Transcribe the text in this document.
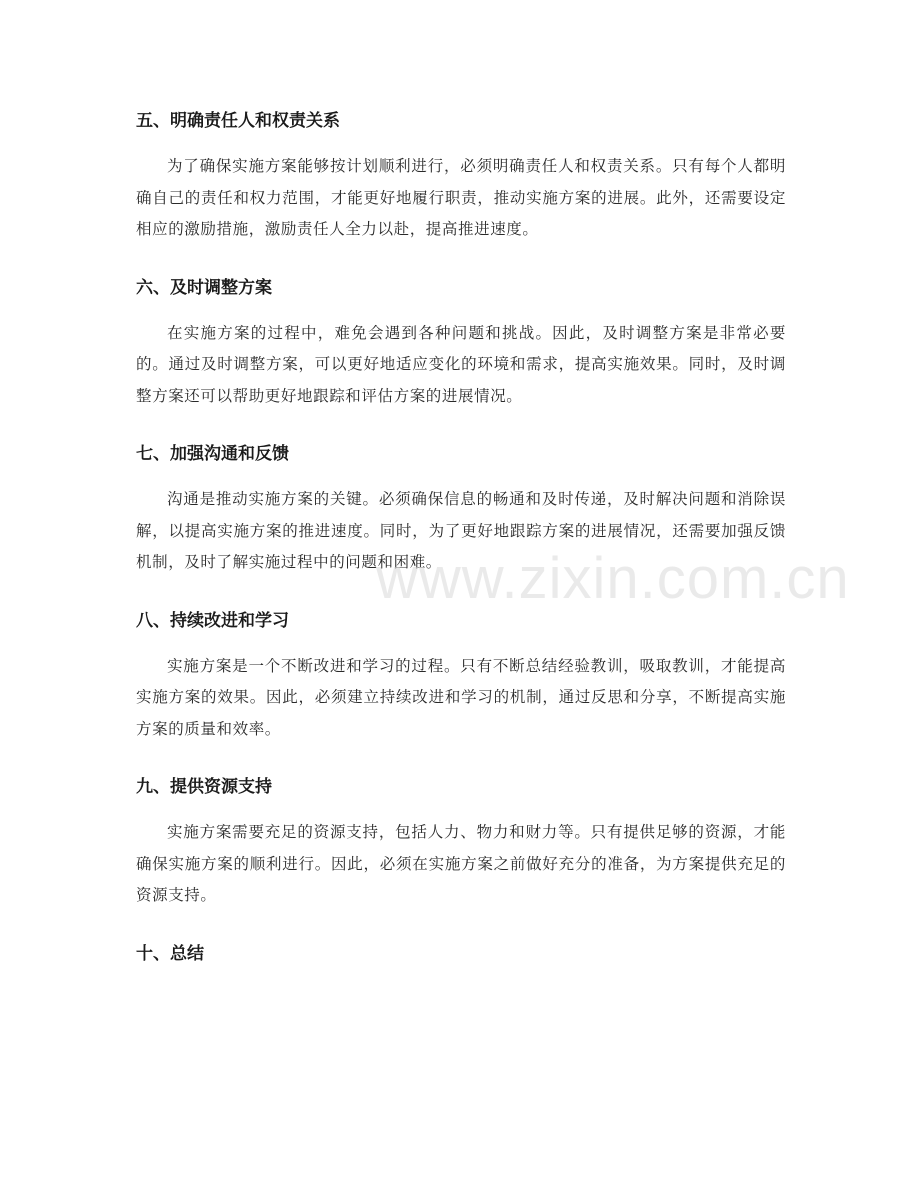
五、明确责任人和权责关系

为了确保实施方案能够按计划顺利进行，必须明确责任人和权责关系。只有每个人都明确自己的责任和权力范围，才能更好地履行职责，推动实施方案的进展。此外，还需要设定相应的激励措施，激励责任人全力以赴，提高推进速度。

六、及时调整方案

在实施方案的过程中，难免会遇到各种问题和挑战。因此，及时调整方案是非常必要的。通过及时调整方案，可以更好地适应变化的环境和需求，提高实施效果。同时，及时调整方案还可以帮助更好地跟踪和评估方案的进展情况。

七、加强沟通和反馈

沟通是推动实施方案的关键。必须确保信息的畅通和及时传递，及时解决问题和消除误解，以提高实施方案的推进速度。同时，为了更好地跟踪方案的进展情况，还需要加强反馈机制，及时了解实施过程中的问题和困难。

八、持续改进和学习

实施方案是一个不断改进和学习的过程。只有不断总结经验教训，吸取教训，才能提高实施方案的效果。因此，必须建立持续改进和学习的机制，通过反思和分享，不断提高实施方案的质量和效率。

九、提供资源支持

实施方案需要充足的资源支持，包括人力、物力和财力等。只有提供足够的资源，才能确保实施方案的顺利进行。因此，必须在实施方案之前做好充分的准备，为方案提供充足的资源支持。

十、总结
www.zixin.com.cn
